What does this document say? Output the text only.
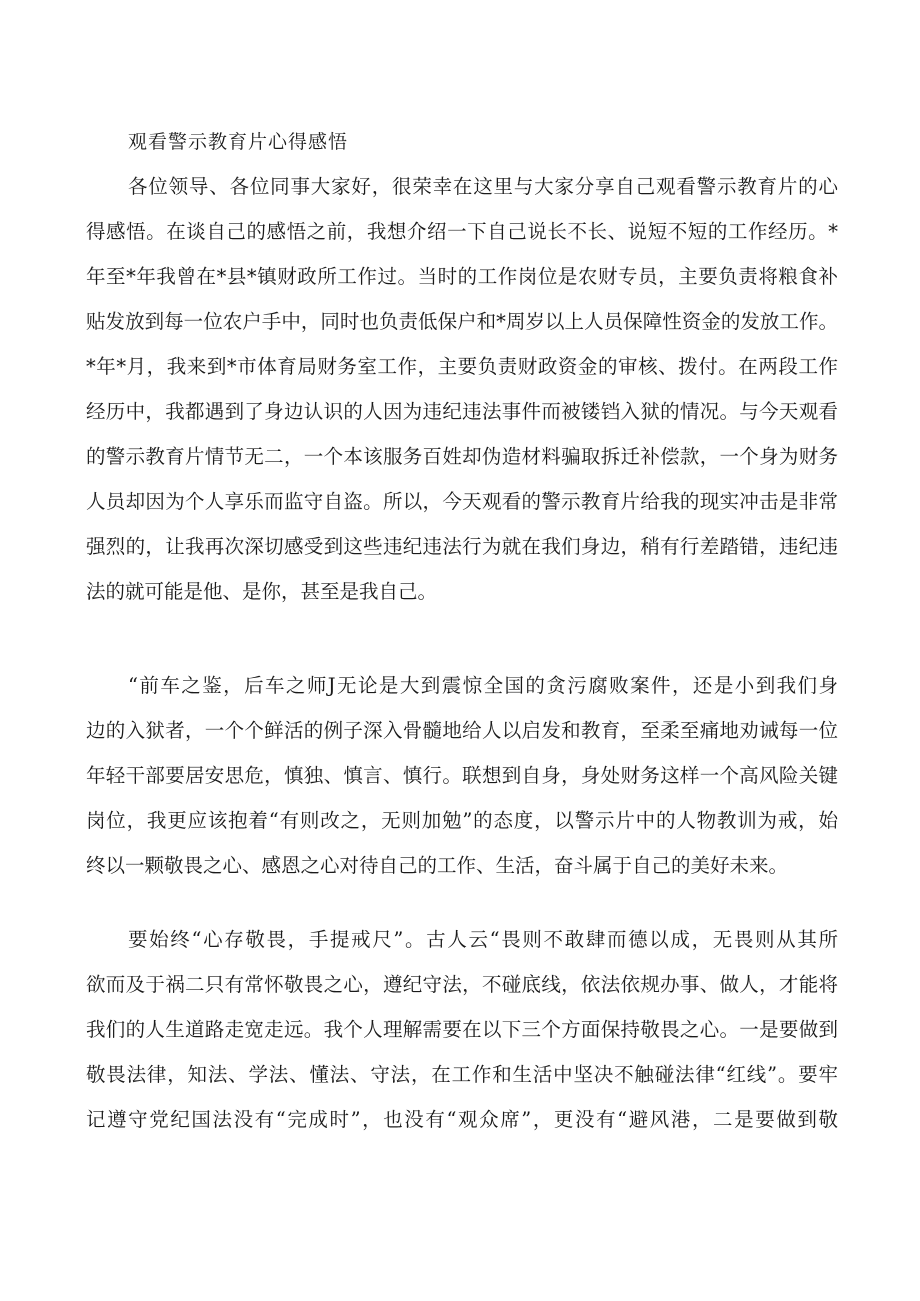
观看警示教育片心得感悟
各位领导、各位同事大家好，很荣幸在这里与大家分享自己观看警示教育片的心
得感悟。在谈自己的感悟之前，我想介绍一下自己说长不长、说短不短的工作经历。*
年至*年我曾在*县*镇财政所工作过。当时的工作岗位是农财专员，主要负责将粮食补
贴发放到每一位农户手中，同时也负责低保户和*周岁以上人员保障性资金的发放工作。
*年*月，我来到*市体育局财务室工作，主要负责财政资金的审核、拨付。在两段工作
经历中，我都遇到了身边认识的人因为违纪违法事件而被镂铛入狱的情况。与今天观看
的警示教育片情节无二，一个本该服务百姓却伪造材料骗取拆迁补偿款，一个身为财务
人员却因为个人享乐而监守自盗。所以，今天观看的警示教育片给我的现实冲击是非常
强烈的，让我再次深切感受到这些违纪违法行为就在我们身边，稍有行差踏错，违纪违
法的就可能是他、是你，甚至是我自己。
“前车之鉴，后车之师J无论是大到震惊全国的贪污腐败案件，还是小到我们身
边的入狱者，一个个鲜活的例子深入骨髓地给人以启发和教育，至柔至痛地劝诫每一位
年轻干部要居安思危，慎独、慎言、慎行。联想到自身，身处财务这样一个高风险关键
岗位，我更应该抱着“有则改之，无则加勉”的态度，以警示片中的人物教训为戒，始
终以一颗敬畏之心、感恩之心对待自己的工作、生活，奋斗属于自己的美好未来。
要始终“心存敬畏，手提戒尺”。古人云“畏则不敢肆而德以成，无畏则从其所
欲而及于祸二只有常怀敬畏之心，遵纪守法，不碰底线，依法依规办事、做人，才能将
我们的人生道路走宽走远。我个人理解需要在以下三个方面保持敬畏之心。一是要做到
敬畏法律，知法、学法、懂法、守法，在工作和生活中坚决不触碰法律“红线”。要牢
记遵守党纪国法没有“完成时”，也没有“观众席”，更没有“避风港，二是要做到敬
